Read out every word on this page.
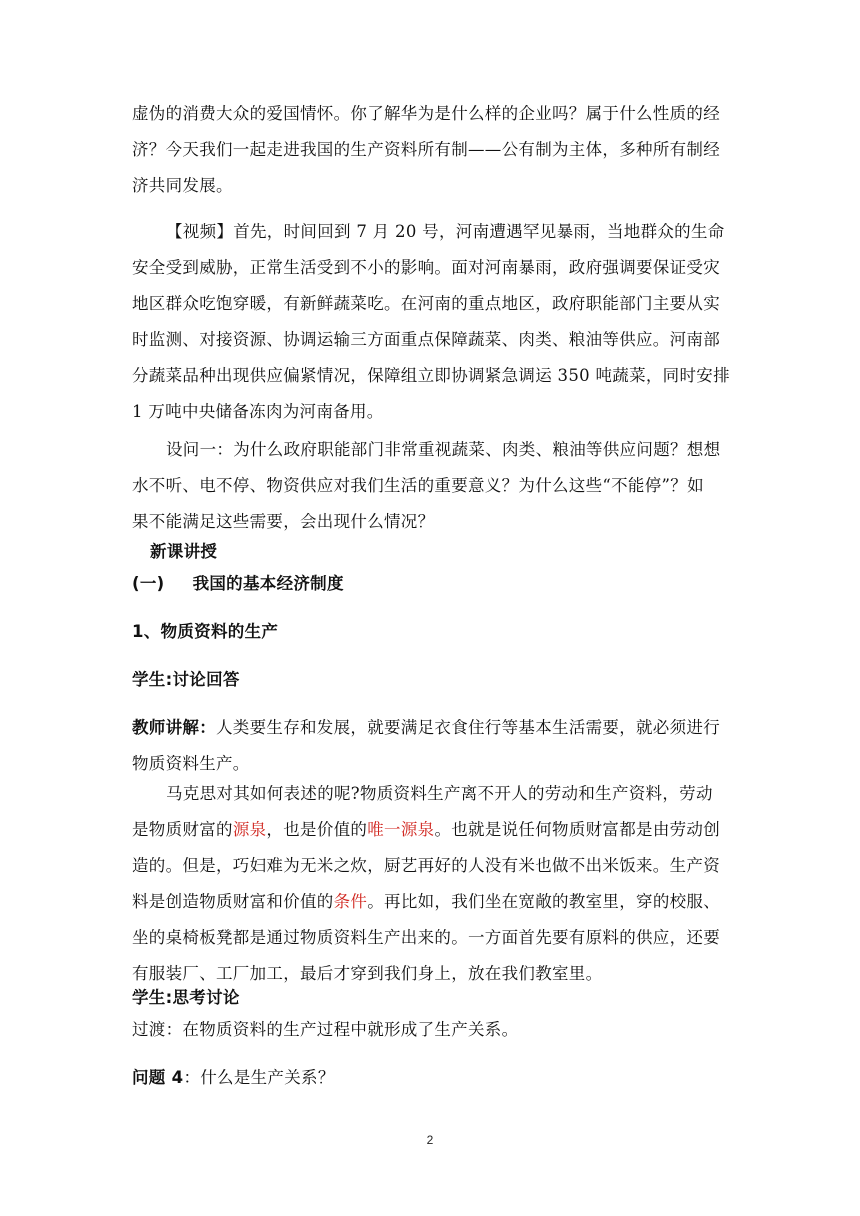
虚伪的消费大众的爱国情怀。你了解华为是什么样的企业吗？属于什么性质的经
济？今天我们一起走进我国的生产资料所有制——公有制为主体，多种所有制经
济共同发展。
【视频】首先，时间回到 7 月 20 号，河南遭遇罕见暴雨，当地群众的生命
安全受到威胁，正常生活受到不小的影响。面对河南暴雨，政府强调要保证受灾
地区群众吃饱穿暖，有新鲜蔬菜吃。在河南的重点地区，政府职能部门主要从实
时监测、对接资源、协调运输三方面重点保障蔬菜、肉类、粮油等供应。河南部
分蔬菜品种出现供应偏紧情况，保障组立即协调紧急调运 350 吨蔬菜，同时安排
1 万吨中央储备冻肉为河南备用。
设问一：为什么政府职能部门非常重视蔬菜、肉类、粮油等供应问题？想想
水不听、电不停、物资供应对我们生活的重要意义？为什么这些“不能停”？如
果不能满足这些需要，会出现什么情况？
新课讲授
(一) 我国的基本经济制度
1、物质资料的生产
学生:讨论回答
教师讲解：人类要生存和发展，就要满足衣食住行等基本生活需要，就必须进行
物质资料生产。
马克思对其如何表述的呢?物质资料生产离不开人的劳动和生产资料，劳动
是物质财富的源泉，也是价值的唯一源泉。也就是说任何物质财富都是由劳动创
造的。但是，巧妇难为无米之炊，厨艺再好的人没有米也做不出米饭来。生产资
料是创造物质财富和价值的条件。再比如，我们坐在宽敞的教室里，穿的校服、
坐的桌椅板凳都是通过物质资料生产出来的。一方面首先要有原料的供应，还要
有服装厂、工厂加工，最后才穿到我们身上，放在我们教室里。
学生:思考讨论
过渡：在物质资料的生产过程中就形成了生产关系。
问题 4：什么是生产关系？
2
